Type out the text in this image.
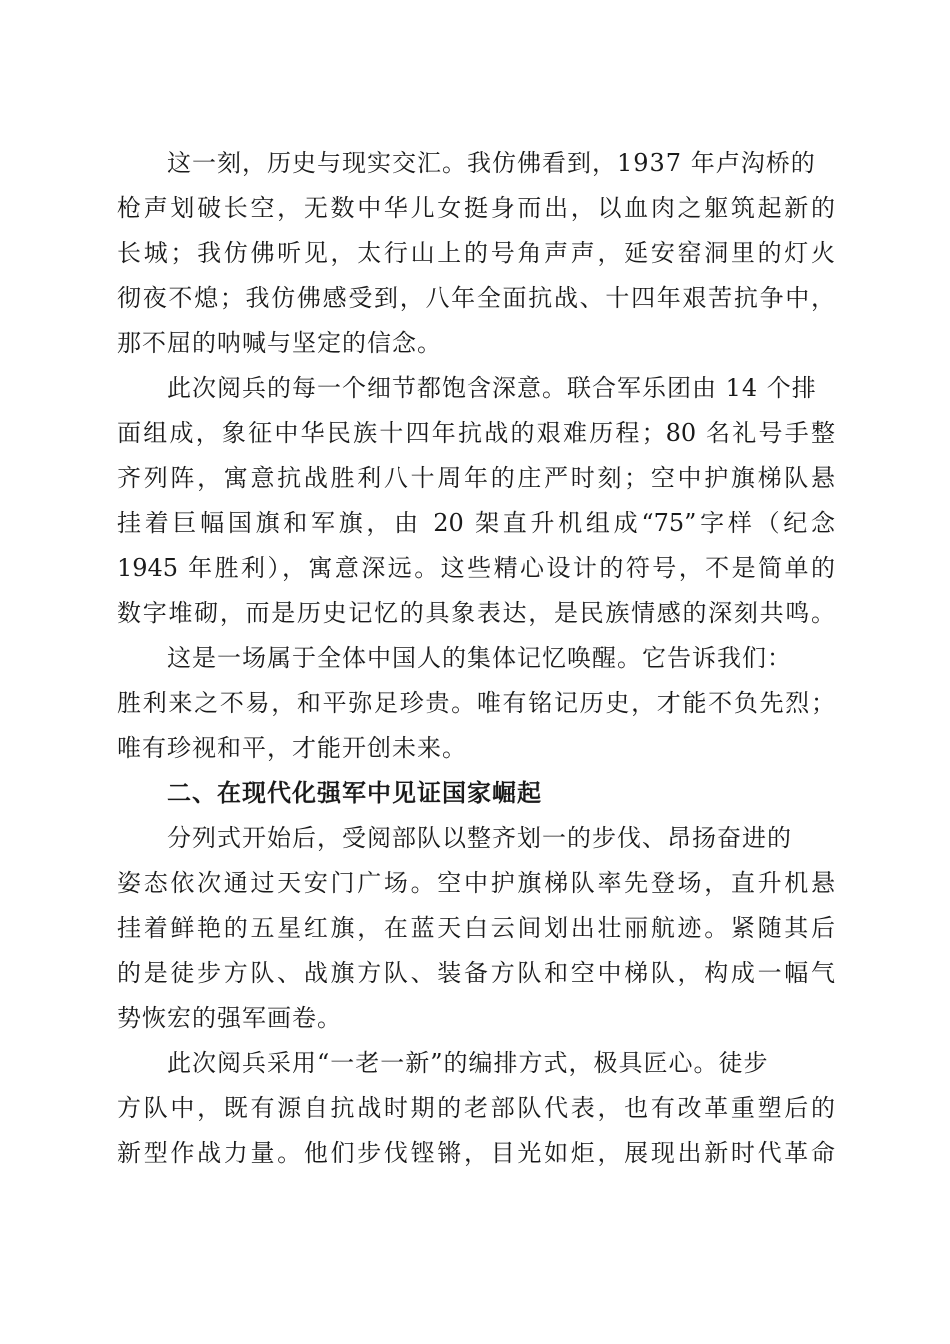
这一刻，历史与现实交汇。我仿佛看到，1937 年卢沟桥的
枪声划破长空，无数中华儿女挺身而出，以血肉之躯筑起新的
长城；我仿佛听见，太行山上的号角声声，延安窑洞里的灯火
彻夜不熄；我仿佛感受到，八年全面抗战、十四年艰苦抗争中，
那不屈的呐喊与坚定的信念。
此次阅兵的每一个细节都饱含深意。联合军乐团由 14 个排
面组成，象征中华民族十四年抗战的艰难历程；80 名礼号手整
齐列阵，寓意抗战胜利八十周年的庄严时刻；空中护旗梯队悬
挂着巨幅国旗和军旗，由 20 架直升机组成“75”字样（纪念
1945 年胜利），寓意深远。这些精心设计的符号，不是简单的
数字堆砌，而是历史记忆的具象表达，是民族情感的深刻共鸣。
这是一场属于全体中国人的集体记忆唤醒。它告诉我们：
胜利来之不易，和平弥足珍贵。唯有铭记历史，才能不负先烈；
唯有珍视和平，才能开创未来。
二、在现代化强军中见证国家崛起
分列式开始后，受阅部队以整齐划一的步伐、昂扬奋进的
姿态依次通过天安门广场。空中护旗梯队率先登场，直升机悬
挂着鲜艳的五星红旗，在蓝天白云间划出壮丽航迹。紧随其后
的是徒步方队、战旗方队、装备方队和空中梯队，构成一幅气
势恢宏的强军画卷。
此次阅兵采用“一老一新”的编排方式，极具匠心。徒步
方队中，既有源自抗战时期的老部队代表，也有改革重塑后的
新型作战力量。他们步伐铿锵，目光如炬，展现出新时代革命
